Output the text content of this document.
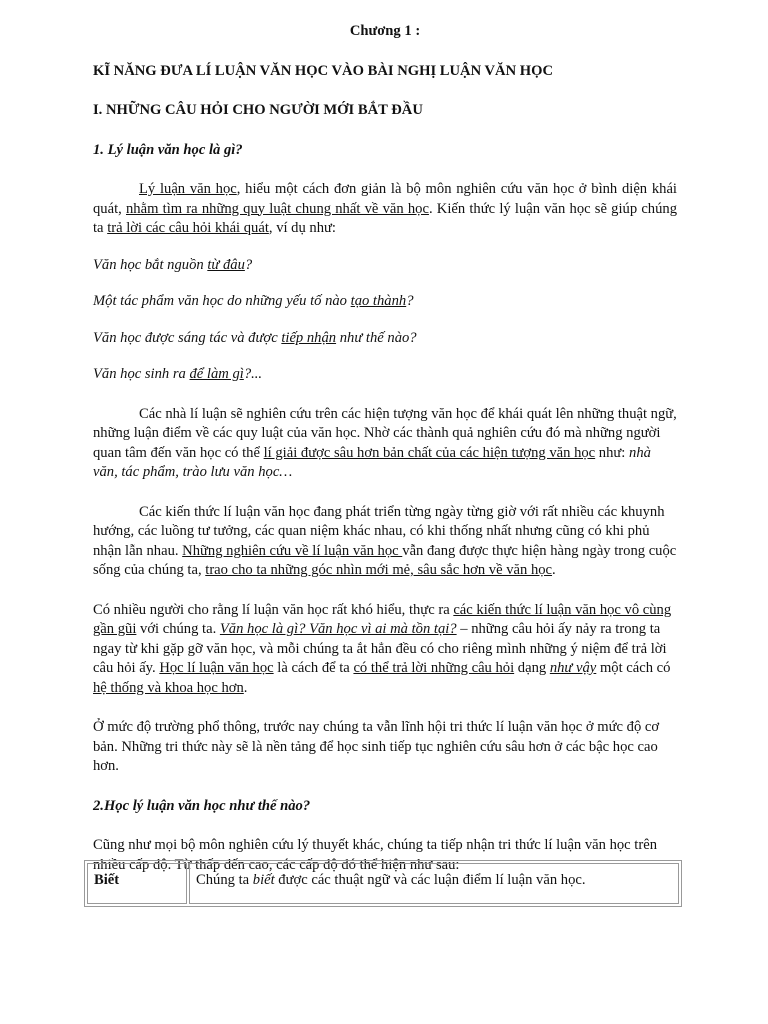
Chương 1 :

KĨ NĂNG ĐƯA LÍ LUẬN VĂN HỌC VÀO BÀI NGHỊ LUẬN VĂN HỌC

I. NHỮNG CÂU HỎI CHO NGƯỜI MỚI BẮT ĐẦU

1. Lý luận văn học là gì?

Lý luận văn học, hiểu một cách đơn giản là bộ môn nghiên cứu văn học ở bình diện khái quát, nhằm tìm ra những quy luật chung nhất về văn học. Kiến thức lý luận văn học sẽ giúp chúng ta trả lời các câu hỏi khái quát, ví dụ như:

Văn học bắt nguồn từ đâu?

Một tác phẩm văn học do những yếu tố nào tạo thành?

Văn học được sáng tác và được tiếp nhận như thế nào?

Văn học sinh ra để làm gì?...

Các nhà lí luận sẽ nghiên cứu trên các hiện tượng văn học để khái quát lên những thuật ngữ, những luận điểm về các quy luật của văn học. Nhờ các thành quả nghiên cứu đó mà những người quan tâm đến văn học có thể lí giải được sâu hơn bản chất của các hiện tượng văn học như: nhà văn, tác phẩm, trào lưu văn học…

Các kiến thức lí luận văn học đang phát triển từng ngày từng giờ với rất nhiều các khuynh hướng, các luồng tư tưởng, các quan niệm khác nhau, có khi thống nhất nhưng cũng có khi phủ nhận lẫn nhau. Những nghiên cứu về lí luận văn học vẫn đang được thực hiện hàng ngày trong cuộc sống của chúng ta, trao cho ta những góc nhìn mới mẻ, sâu sắc hơn về văn học.

Có nhiều người cho rằng lí luận văn học rất khó hiểu, thực ra các kiến thức lí luận văn học vô cùng gần gũi với chúng ta. Văn học là gì? Văn học vì ai mà tồn tại? – những câu hỏi ấy nảy ra trong ta ngay từ khi gặp gỡ văn học, và mỗi chúng ta ắt hẳn đều có cho riêng mình những ý niệm để trả lời câu hỏi ấy. Học lí luận văn học là cách để ta có thể trả lời những câu hỏi dạng như vậy một cách có hệ thống và khoa học hơn.

Ở mức độ trường phổ thông, trước nay chúng ta vẫn lĩnh hội tri thức lí luận văn học ở mức độ cơ bản. Những tri thức này sẽ là nền tảng để học sinh tiếp tục nghiên cứu sâu hơn ở các bậc học cao hơn.

2.Học lý luận văn học như thế nào?

Cũng như mọi bộ môn nghiên cứu lý thuyết khác, chúng ta tiếp nhận tri thức lí luận văn học trên nhiều cấp độ. Từ thấp đến cao, các cấp độ đó thể hiện như sau:

Biết	Chúng ta biết được các thuật ngữ và các luận điểm lí luận văn học.
